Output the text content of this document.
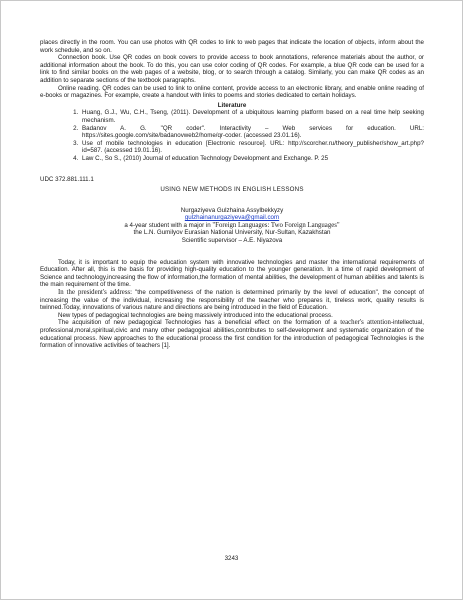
places directly in the room. You can use photos with QR codes to link to web pages that indicate the location of objects, inform about the work schedule, and so on.

Connection book. Use QR codes on book covers to provide access to book annotations, reference materials about the author, or additional information about the book. To do this, you can use color coding of QR codes. For example, a blue QR code can be used for a link to find similar books on the web pages of a website, blog, or to search through a catalog. Similarly, you can make QR codes as an addition to separate sections of the textbook paragraphs.

Online reading. QR codes can be used to link to online content, provide access to an electronic library, and enable online reading of e-books or magazines. For example, create a handout with links to poems and stories dedicated to certain holidays.

Literature

1. Huang, G.J., Wu, C.H., Tseng, (2011). Development of a ubiquitous learning platform based on a real time help seeking mechanism.
2. Badanov A. G. "QR coder". Interactivity – Web services for education. URL: https://sites.google.com/site/badanovweb2/home/qr-coder. (accessed 23.01.16).
3. Use of mobile technologies in education [Electronic resource]. URL: http://scorcher.ru/theory_publisher/show_art.php?id=587. (accessed 19.01.16).
4. Law C., So S., (2010) Journal of education Technology Development and Exchange. P. 25

UDC 372.881.111.1

USING NEW METHODS IN ENGLISH LESSONS

Nurgaziyeva Gulzhaina Assylbekkyzy

gulzhainanurgaziyeva@gmail.com

a 4-year student with a major in "Foreign Languages: Two Foreign Languages"

the L.N. Gumilyov Eurasian National University, Nur-Sultan, Kazakhstan

Scientific supervisor – A.E. Niyazova

Today, it is important to equip the education system with innovative technologies and master the international requirements of Education. After all, this is the basis for providing high-quality education to the younger generation. In a time of rapid development of Science and technology,increasing the flow of information,the formation of mental abilities, the development of human abilities and talents is the main requirement of the time.

In the president's address: "the competitiveness of the nation is determined primarily by the level of education", the concept of increasing the value of the individual, increasing the responsibility of the teacher who prepares it, tireless work, quality results is twinned.Today, innovations of various nature and directions are being introduced in the field of Education.

New types of pedagogical technologies are being massively introduced into the educational process.

The acquisition of new pedagogical Technologies has a beneficial effect on the formation of a teacher's attention-intellectual, professional,moral,spiritual,civic and many other pedagogical abilities,contributes to self-development and systematic organization of the educational process. New approaches to the educational process the first condition for the introduction of pedagogical Technologies is the formation of innovative activities of teachers [1].

3243
